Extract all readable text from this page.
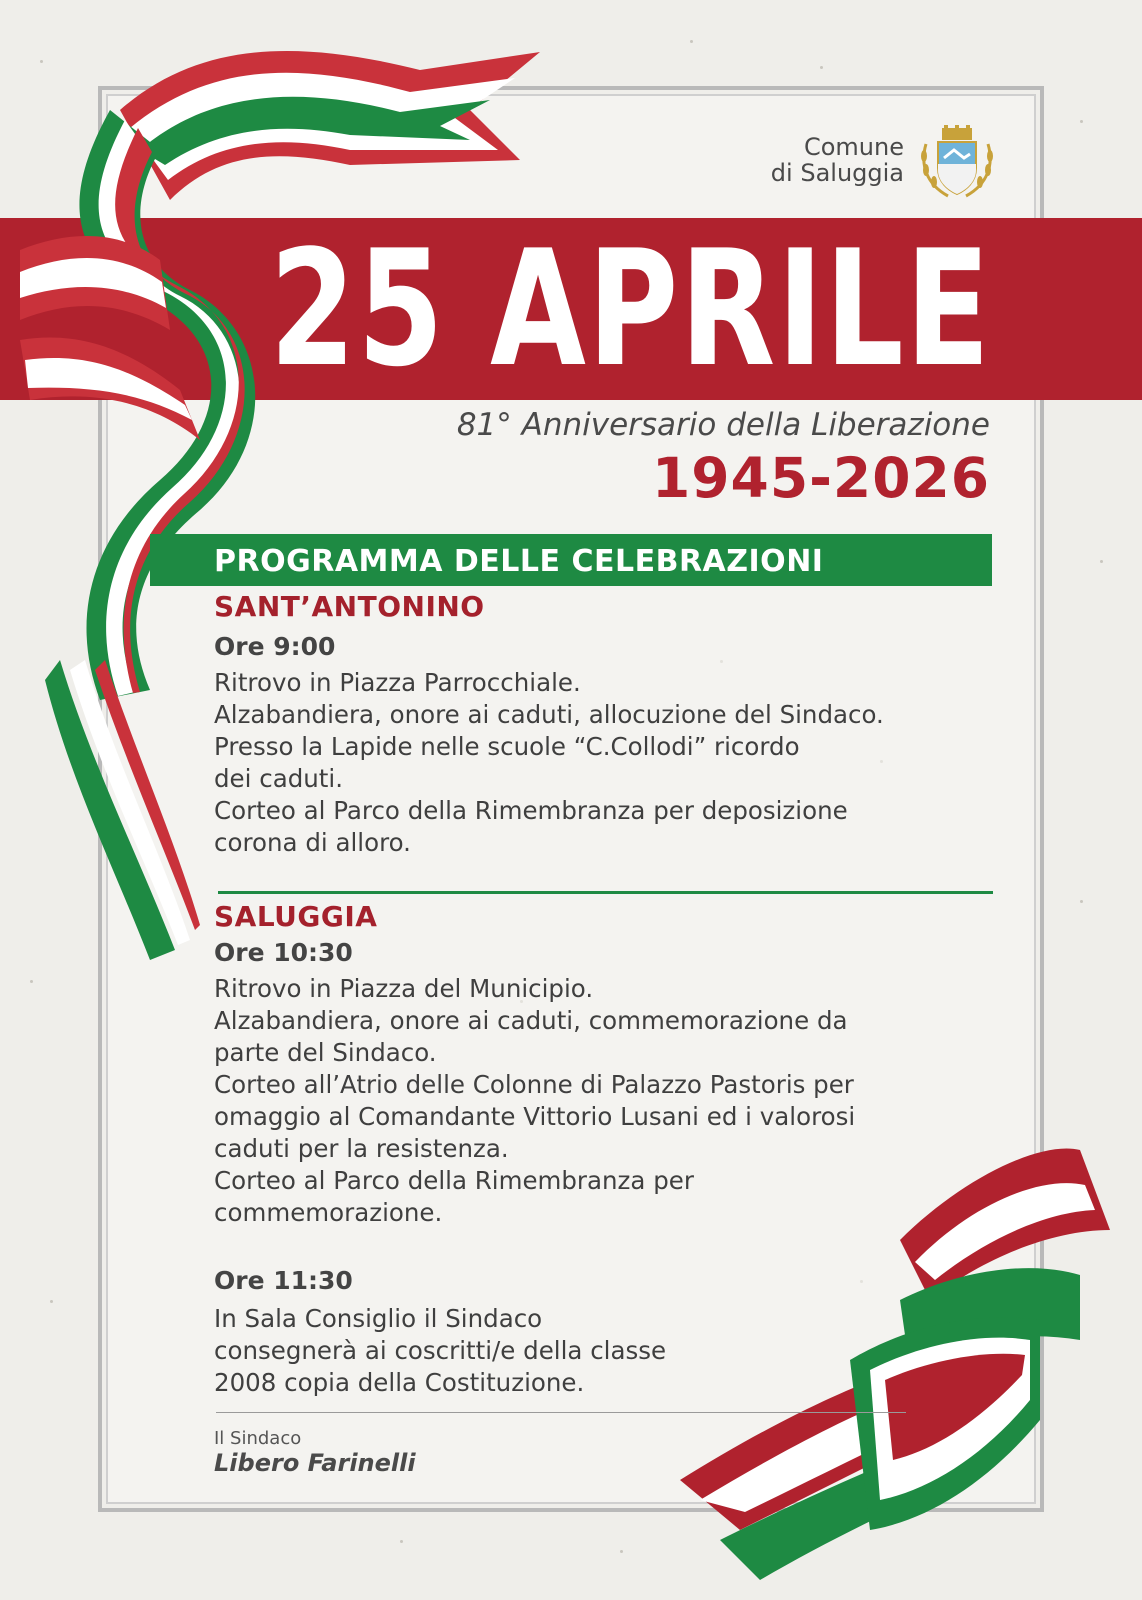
Comune
di Saluggia
25 APRILE
81° Anniversario della Liberazione
1945-2026
PROGRAMMA DELLE CELEBRAZIONI
SANT’ANTONINO
Ore 9:00
Ritrovo in Piazza Parrocchiale.
Alzabandiera, onore ai caduti, allocuzione del Sindaco.
Presso la Lapide nelle scuole “C.Collodi” ricordo
dei caduti.
Corteo al Parco della Rimembranza per deposizione
corona di alloro.
SALUGGIA
Ore 10:30
Ritrovo in Piazza del Municipio.
Alzabandiera, onore ai caduti, commemorazione da
parte del Sindaco.
Corteo all’Atrio delle Colonne di Palazzo Pastoris per
omaggio al Comandante Vittorio Lusani ed i valorosi
caduti per la resistenza.
Corteo al Parco della Rimembranza per
commemorazione.
Ore 11:30
In Sala Consiglio il Sindaco
consegnerà ai coscritti/e della classe
2008 copia della Costituzione.
Il Sindaco
Libero Farinelli
